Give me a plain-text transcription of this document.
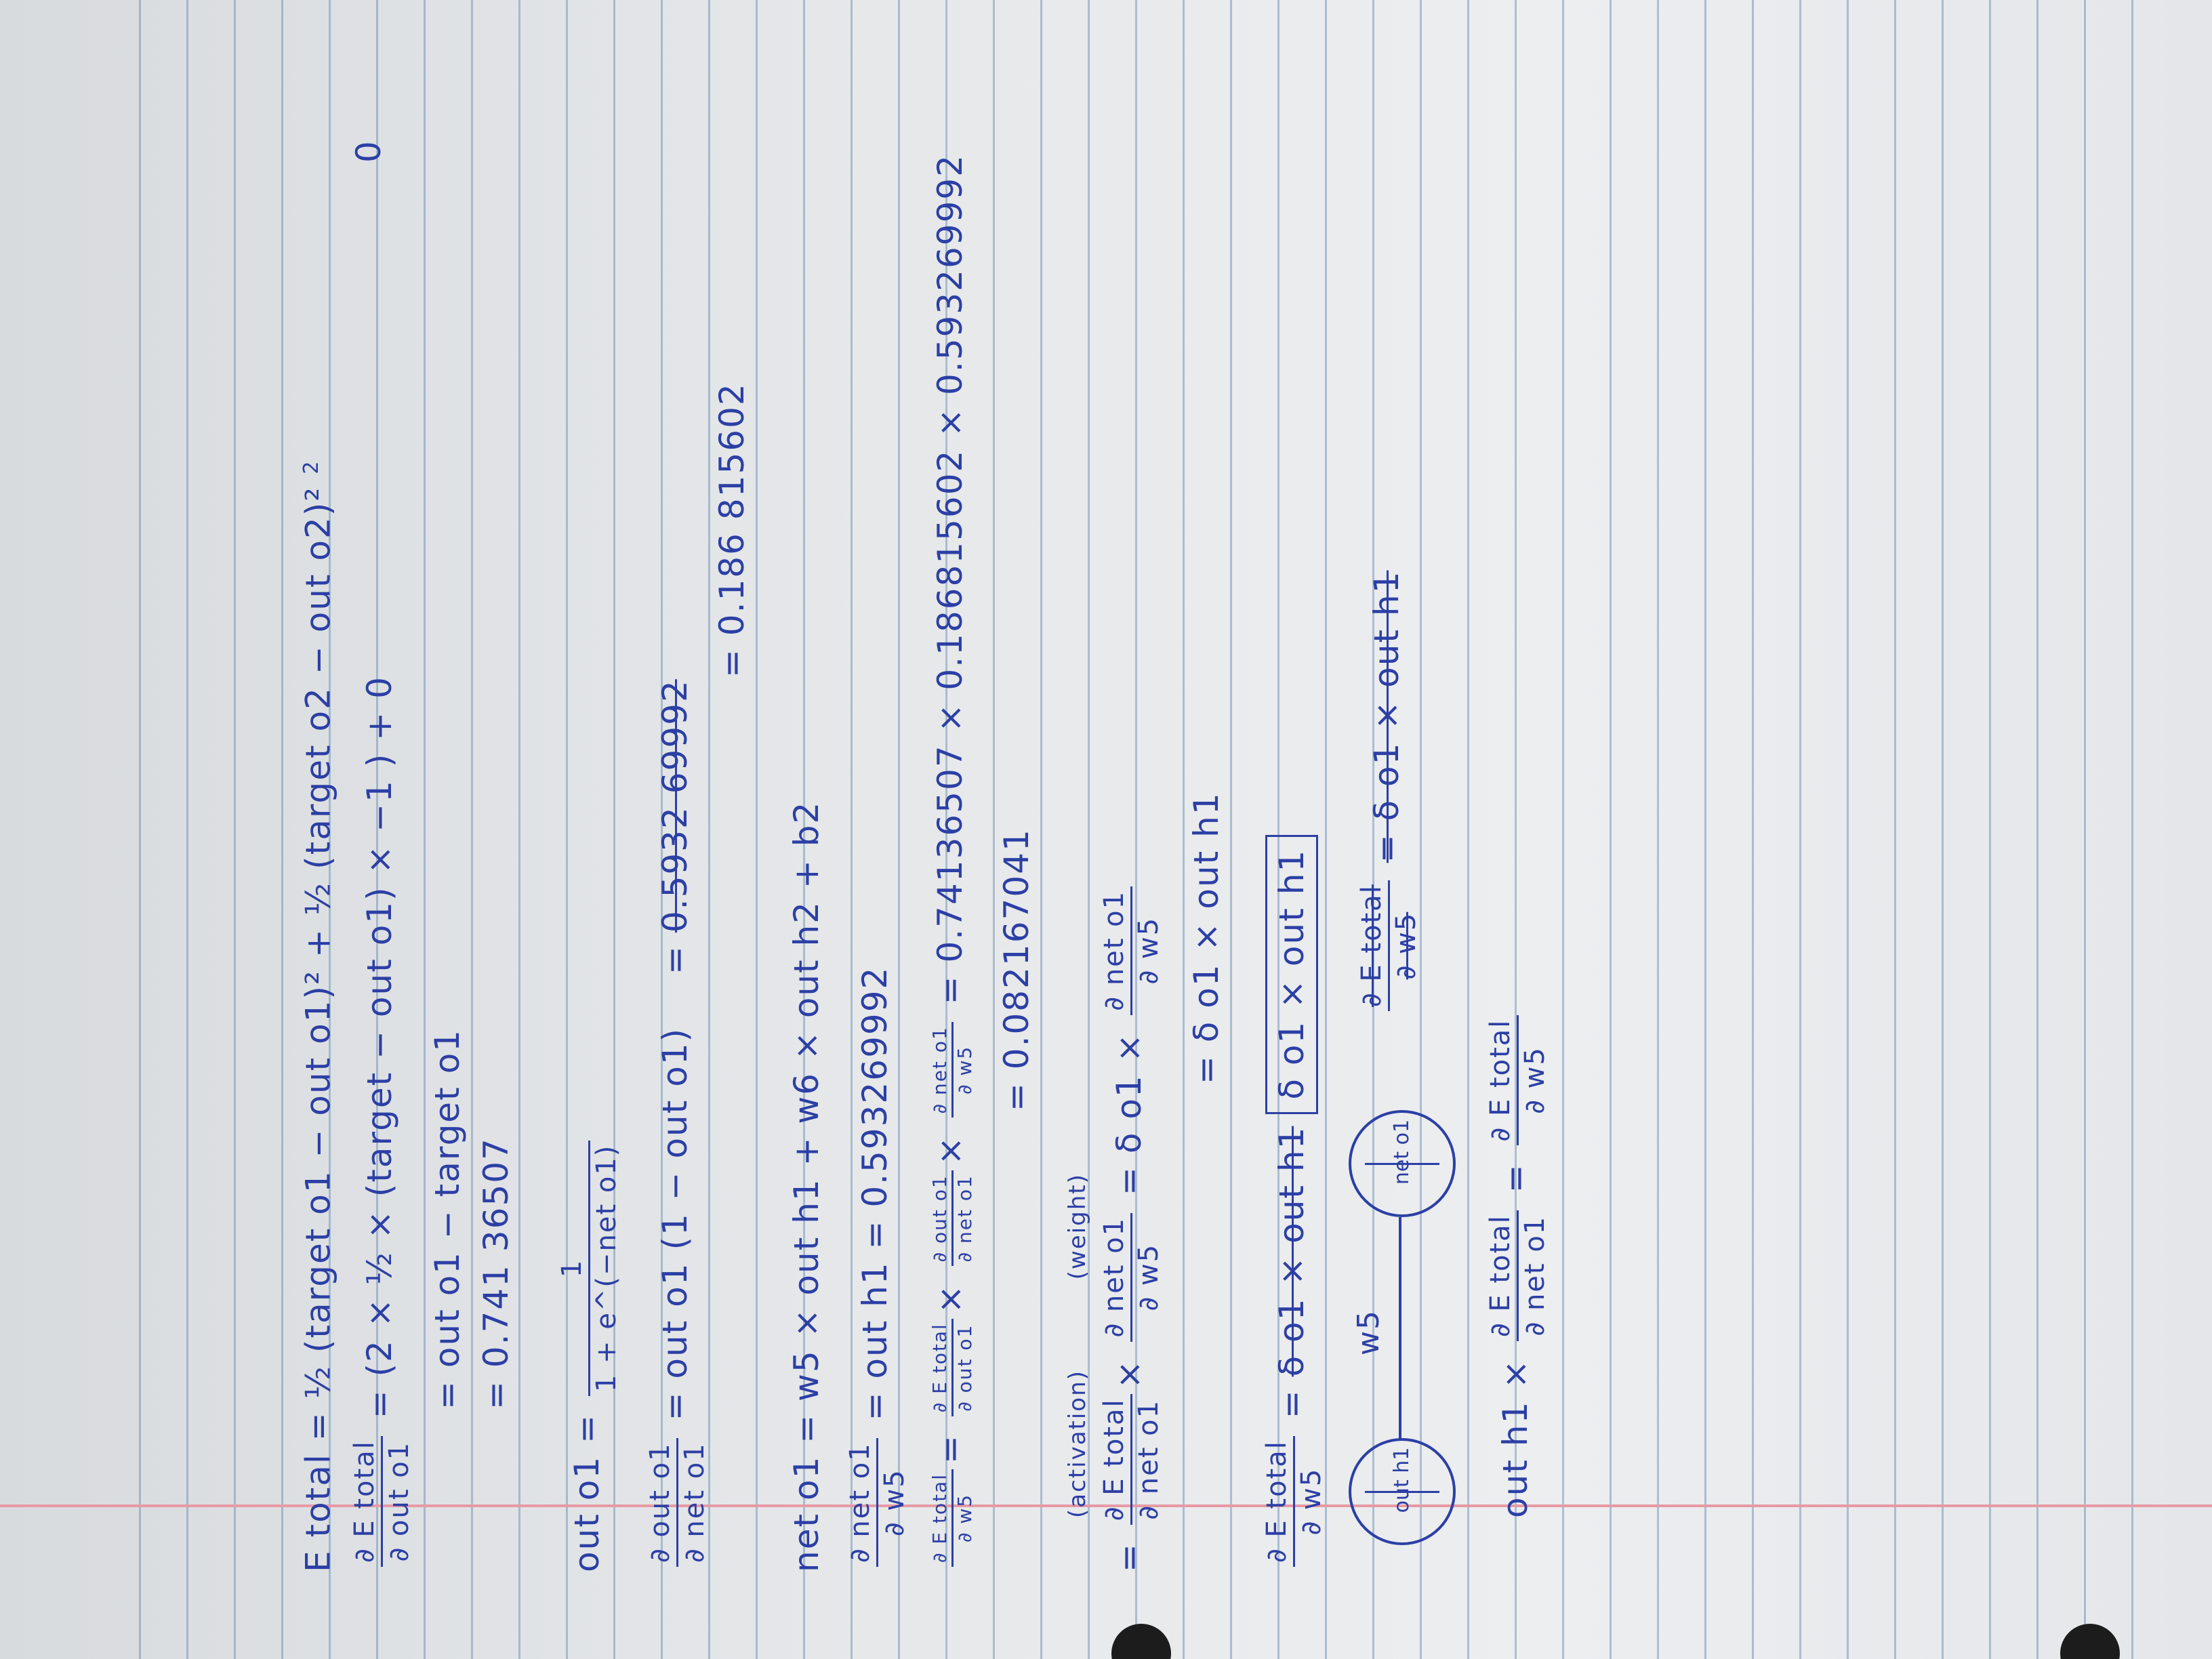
E total = ½ (target o1 − out o1)² + ½ (target o2 − out o2)² $^2$
∂ E total ∂ out o1
= (2 × ½ × (target − out o1) × −1 ) + 0 = out o1 − target o1 = 0.741 36507
out o1 =
1 1 + e^(−net o1)
∂ out o1 ∂ net o1
= out o1 (1 − out o1) = 0.5932 69992
= 0.186 815602
net o1 = w5 × out h1 + w6 × out h2 + b2 ∂ net o1 ∂ w5
= out h1 = 0.593269992
∂ E total ∂ w5
=
∂ E total ∂ out o1
×
∂ out o1 ∂ net o1
×
∂ net o1 ∂ w5
= 0.74136507 × 0.186815602 × 0.593269992 = 0.082167041
(activation) (weight)
=
∂ E total ∂ net o1
×
∂ net o1 ∂ w5
= δ o1 ×
∂ net o1 ∂ w5 = δ o1 × out h1
∂ E total ∂ w5
= δ o1 × out h1 δ o1 × out h1
out h1
w5
net o1
∂ E total ∂ w5
= δ o1 × out h1
out h1 ×
∂ E total ∂ net o1
=
∂ E total ∂ w5
0
